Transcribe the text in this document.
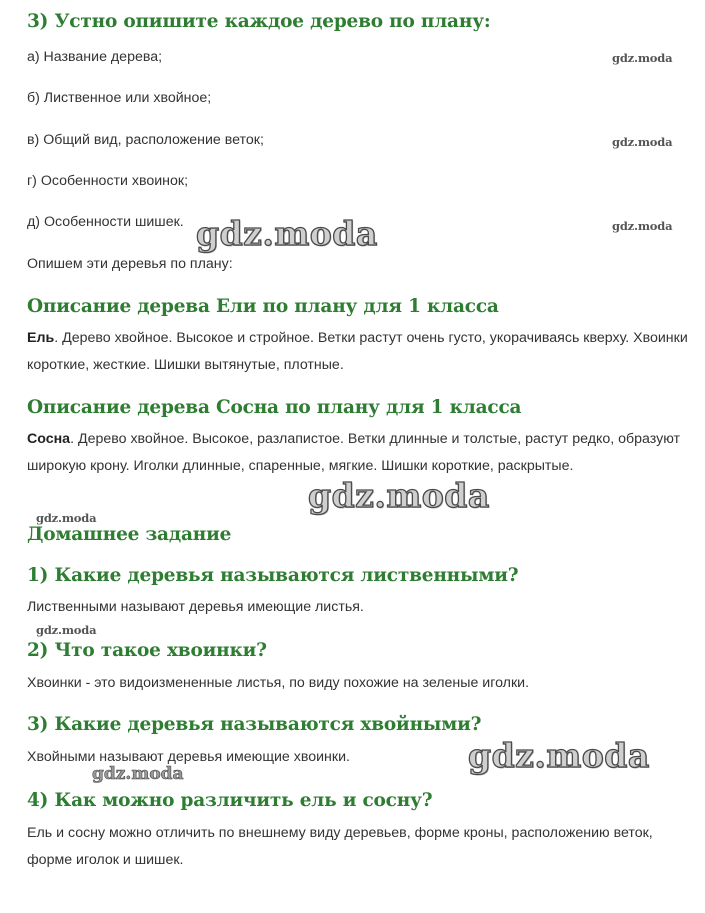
3) Устно опишите каждое дерево по плану:

а) Название дерева;

б) Лиственное или хвойное;

в) Общий вид, расположение веток;

г) Особенности хвоинок;

д) Особенности шишек.

Опишем эти деревья по плану:

Описание дерева Ели по плану для 1 класса

Ель. Дерево хвойное. Высокое и стройное. Ветки растут очень густо, укорачиваясь кверху. Хвоинки короткие, жесткие. Шишки вытянутые, плотные.

Описание дерева Сосна по плану для 1 класса

Сосна. Дерево хвойное. Высокое, разлапистое. Ветки длинные и толстые, растут редко, образуют широкую крону. Иголки длинные, спаренные, мягкие. Шишки короткие, раскрытые.

Домашнее задание
1) Какие деревья называются лиственными?

Лиственными называют деревья имеющие листья.

2) Что такое хвоинки?

Хвоинки - это видоизмененные листья, по виду похожие на зеленые иголки.

3) Какие деревья называются хвойными?

Хвойными называют деревья имеющие хвоинки.

4) Как можно различить ель и сосну?

Ель и сосну можно отличить по внешнему виду деревьев, форме кроны, расположению веток, форме иголок и шишек.

gdz.moda
gdz.moda
gdz.moda
gdz.moda
gdz.moda
gdz.moda
gdz.moda
gdz.moda
gdz.moda
